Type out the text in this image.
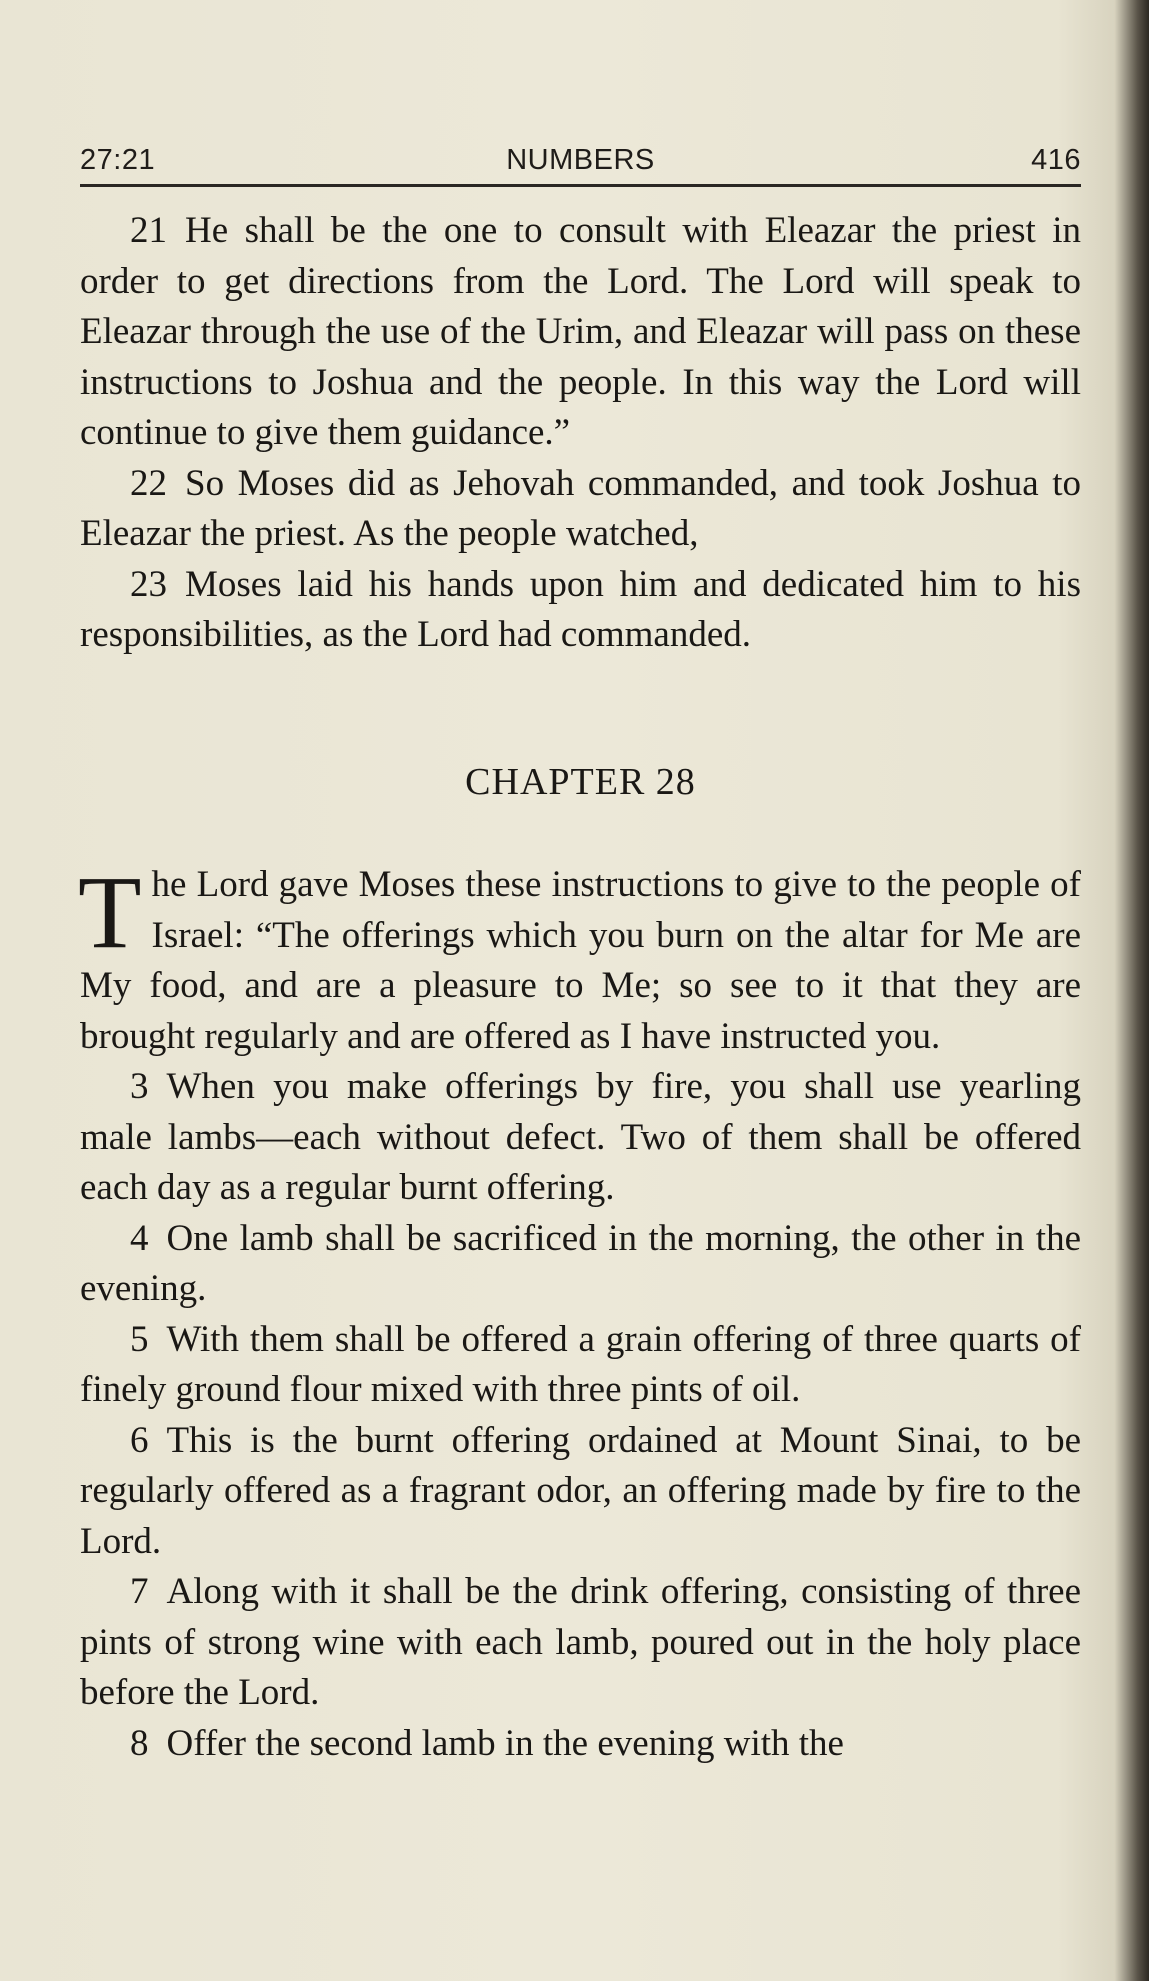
27:21	NUMBERS	416

21 He shall be the one to consult with Eleazar the priest in order to get directions from the Lord. The Lord will speak to Eleazar through the use of the Urim, and Eleazar will pass on these instructions to Joshua and the people. In this way the Lord will continue to give them guidance.”

22 So Moses did as Jehovah commanded, and took Joshua to Eleazar the priest. As the people watched,

23 Moses laid his hands upon him and dedicated him to his responsibilities, as the Lord had commanded.

CHAPTER 28

The Lord gave Moses these instructions to give to the people of Israel: “The offerings which you burn on the altar for Me are My food, and are a pleasure to Me; so see to it that they are brought regularly and are offered as I have instructed you.

3 When you make offerings by fire, you shall use yearling male lambs—each without defect. Two of them shall be offered each day as a regular burnt offering.

4 One lamb shall be sacrificed in the morning, the other in the evening.

5 With them shall be offered a grain offering of three quarts of finely ground flour mixed with three pints of oil.

6 This is the burnt offering ordained at Mount Sinai, to be regularly offered as a fragrant odor, an offering made by fire to the Lord.

7 Along with it shall be the drink offering, consisting of three pints of strong wine with each lamb, poured out in the holy place before the Lord.

8 Offer the second lamb in the evening with the
